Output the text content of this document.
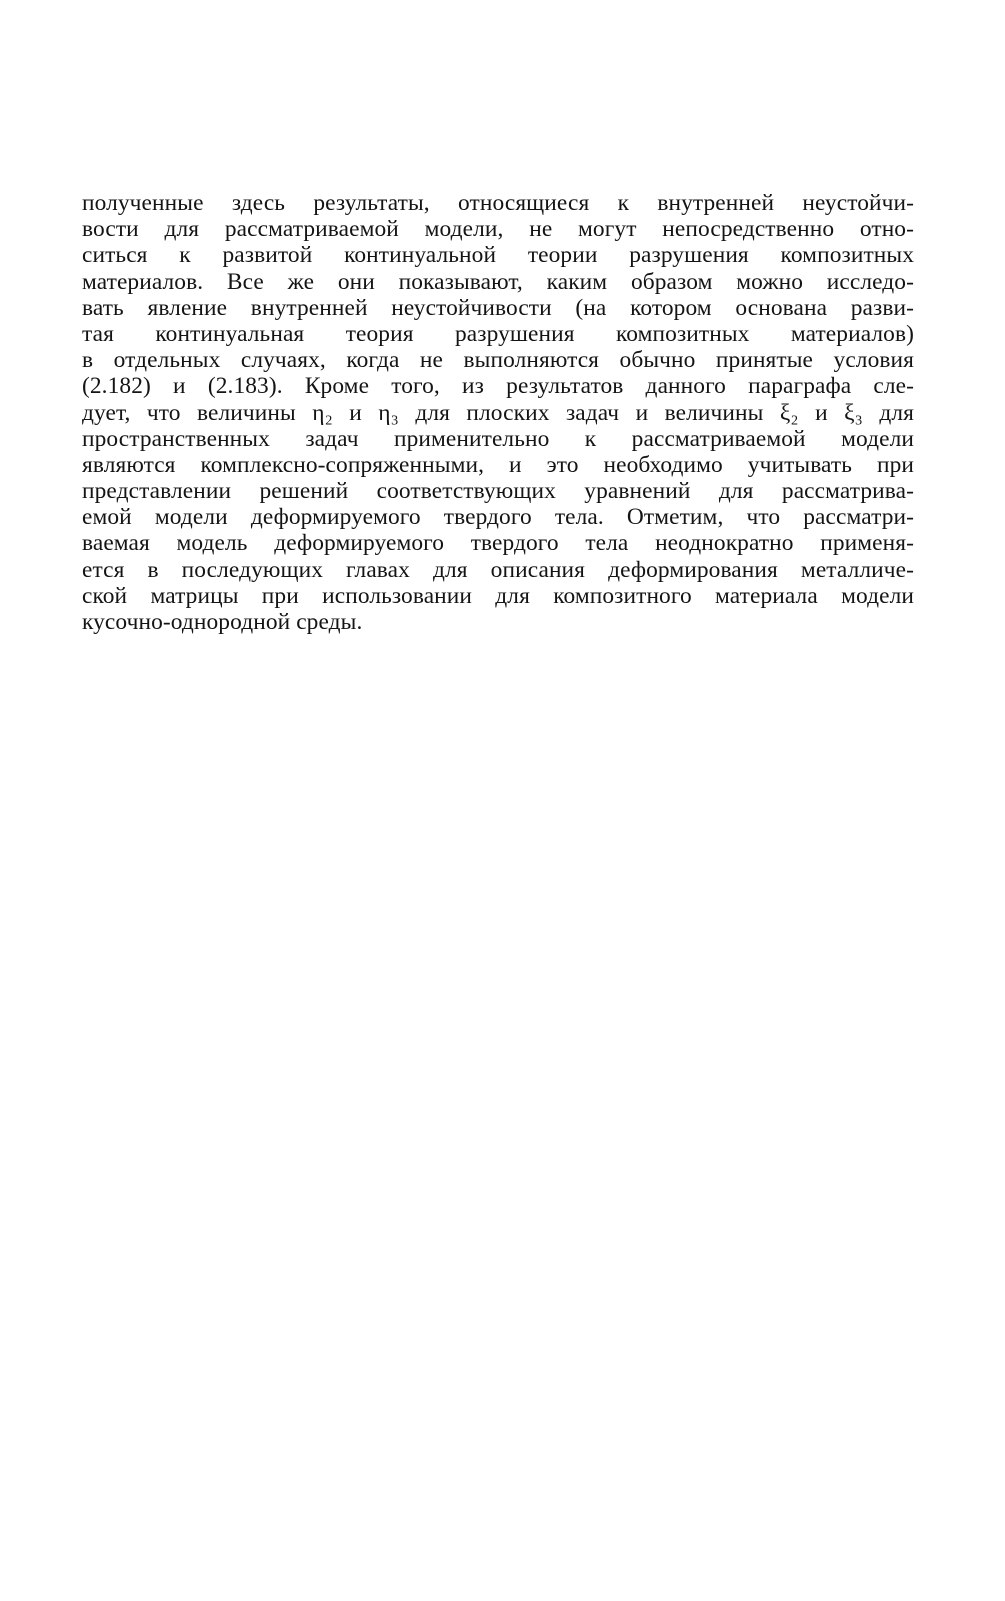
полученные здесь результаты, относящиеся к внутренней неустойчи-
вости для рассматриваемой модели, не могут непосредственно отно-
ситься к развитой континуальной теории разрушения композитных
материалов. Все же они показывают, каким образом можно исследо-
вать явление внутренней неустойчивости (на котором основана разви-
тая континуальная теория разрушения композитных материалов)
в отдельных случаях, когда не выполняются обычно принятые условия
(2.182) и (2.183). Кроме того, из результатов данного параграфа сле-
дует, что величины η₂ и η₃ для плоских задач и величины ξ₂ и ξ₃ для
пространственных задач применительно к рассматриваемой модели
являются комплексно-сопряженными, и это необходимо учитывать при
представлении решений соответствующих уравнений для рассматрива-
емой модели деформируемого твердого тела. Отметим, что рассматри-
ваемая модель деформируемого твердого тела неоднократно применя-
ется в последующих главах для описания деформирования металличе-
ской матрицы при использовании для композитного материала модели
кусочно-однородной среды.
